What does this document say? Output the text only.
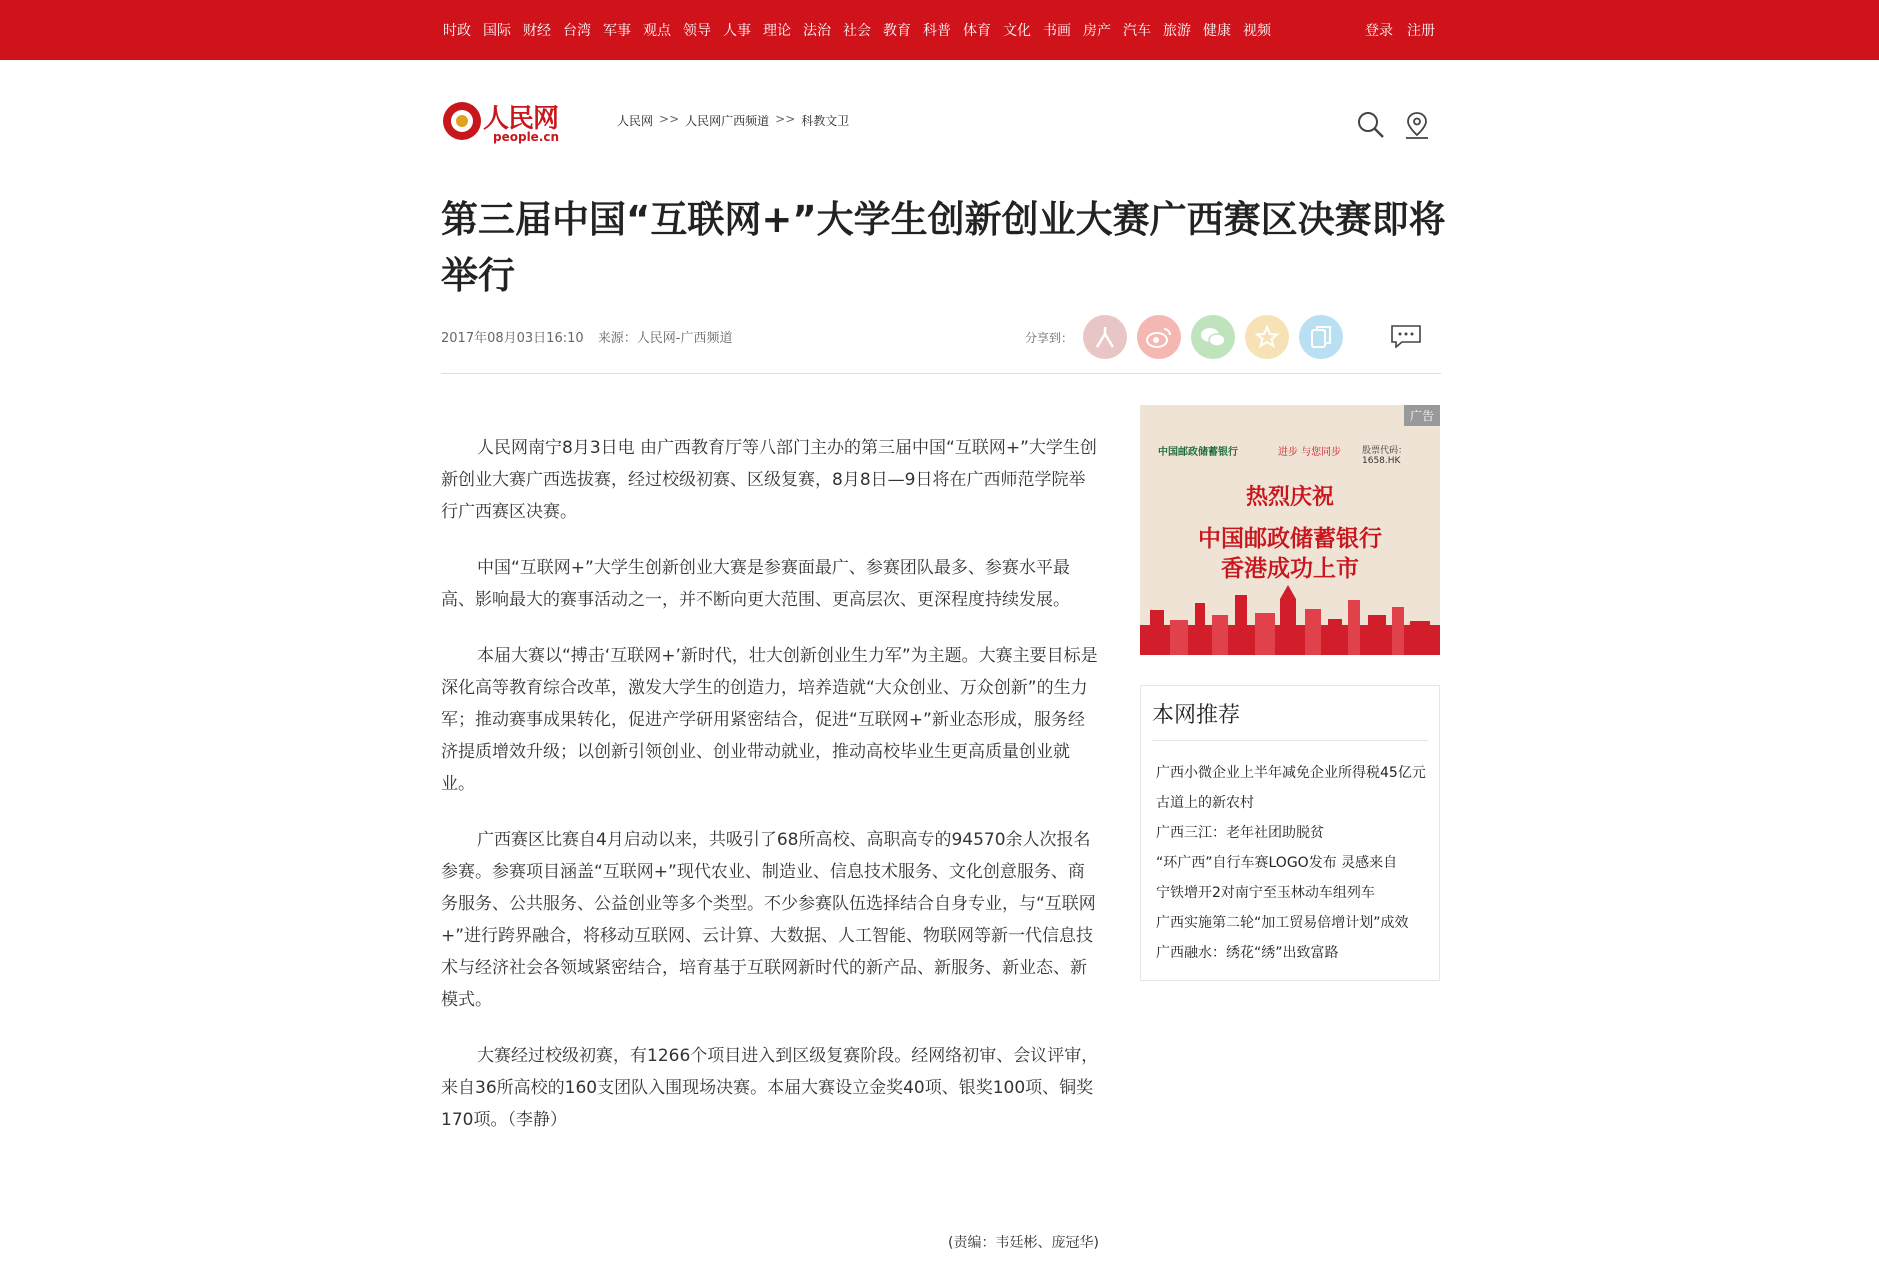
时政 国际 财经 台湾 军事 观点 领导 人事 理论 法治 社会 教育 科普 体育 文化 书画 房产 汽车 旅游 健康 视频	登录 注册
人民网
people.cn
人民网 >> 人民网广西频道 >> 科教文卫
第三届中国“互联网+”大学生创新创业大赛广西赛区决赛即将举行
2017年08月03日16:10 来源：人民网-广西频道	分享到：

人民网南宁8月3日电 由广西教育厅等八部门主办的第三届中国“互联网+”大学生创新创业大赛广西选拔赛，经过校级初赛、区级复赛，8月8日—9日将在广西师范学院举行广西赛区决赛。

中国“互联网+”大学生创新创业大赛是参赛面最广、参赛团队最多、参赛水平最高、影响最大的赛事活动之一，并不断向更大范围、更高层次、更深程度持续发展。

本届大赛以“搏击‘互联网+’新时代，壮大创新创业生力军”为主题。大赛主要目标是深化高等教育综合改革，激发大学生的创造力，培养造就“大众创业、万众创新”的生力军；推动赛事成果转化，促进产学研用紧密结合，促进“互联网+”新业态形成，服务经济提质增效升级；以创新引领创业、创业带动就业，推动高校毕业生更高质量创业就业。

广西赛区比赛自4月启动以来，共吸引了68所高校、高职高专的94570余人次报名参赛。参赛项目涵盖“互联网+”现代农业、制造业、信息技术服务、文化创意服务、商务服务、公共服务、公益创业等多个类型。不少参赛队伍选择结合自身专业，与“互联网+”进行跨界融合，将移动互联网、云计算、大数据、人工智能、物联网等新一代信息技术与经济社会各领域紧密结合，培育基于互联网新时代的新产品、新服务、新业态、新模式。

大赛经过校级初赛，有1266个项目进入到区级复赛阶段。经网络初审、会议评审，来自36所高校的160支团队入围现场决赛。本届大赛设立金奖40项、银奖100项、铜奖170项。（李静）

(责编：韦廷彬、庞冠华)
广告
中国邮政储蓄银行	进步 与您同步 股票代码：1658.HK
热烈庆祝
中国邮政储蓄银行
香港成功上市
本网推荐
广西小微企业上半年减免企业所得税45亿元
古道上的新农村
广西三江：老年社团助脱贫
“环广西”自行车赛LOGO发布 灵感来自
宁铁增开2对南宁至玉林动车组列车
广西实施第二轮“加工贸易倍增计划”成效
广西融水：绣花“绣”出致富路
